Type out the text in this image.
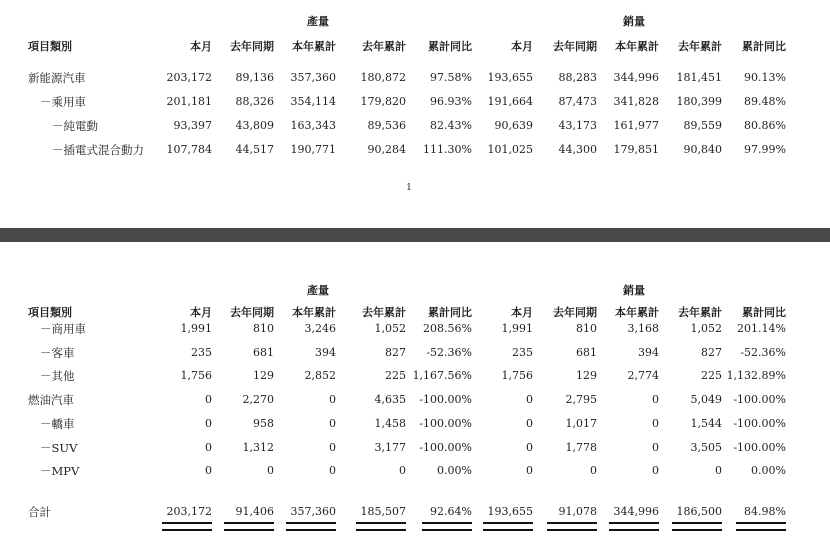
產量	銷量
項目類別	本月	去年同期	本年累計	去年累計	累計同比	本月	去年同期	本年累計	去年累計	累計同比
新能源汽車	203,172	89,136	357,360	180,872	97.58%	193,655	88,283	344,996	181,451	90.13%
－乘用車	201,181	88,326	354,114	179,820	96.93%	191,664	87,473	341,828	180,399	89.48%
－純電動	93,397	43,809	163,343	89,536	82.43%	90,639	43,173	161,977	89,559	80.86%
－插電式混合動力	107,784	44,517	190,771	90,284	111.30%	101,025	44,300	179,851	90,840	97.99%
1
產量	銷量
項目類別	本月	去年同期	本年累計	去年累計	累計同比	本月	去年同期	本年累計	去年累計	累計同比
－商用車	1,991	810	3,246	1,052	208.56%	1,991	810	3,168	1,052	201.14%
－客車	235	681	394	827	-52.36%	235	681	394	827	-52.36%
－其他	1,756	129	2,852	225 1,167.56%	1,756	129	2,774	225 1,132.89%
燃油汽車	0	2,270	0	4,635	-100.00%	0	2,795	0	5,049	-100.00%
－轎車	0	958	0	1,458	-100.00%	0	1,017	0	1,544	-100.00%
－SUV	0	1,312	0	3,177	-100.00%	0	1,778	0	3,505	-100.00%
－MPV	0	0	0	0	0.00%	0	0	0	0	0.00%
合計	203,172	91,406	357,360	185,507	92.64%	193,655	91,078	344,996	186,500	84.98%
